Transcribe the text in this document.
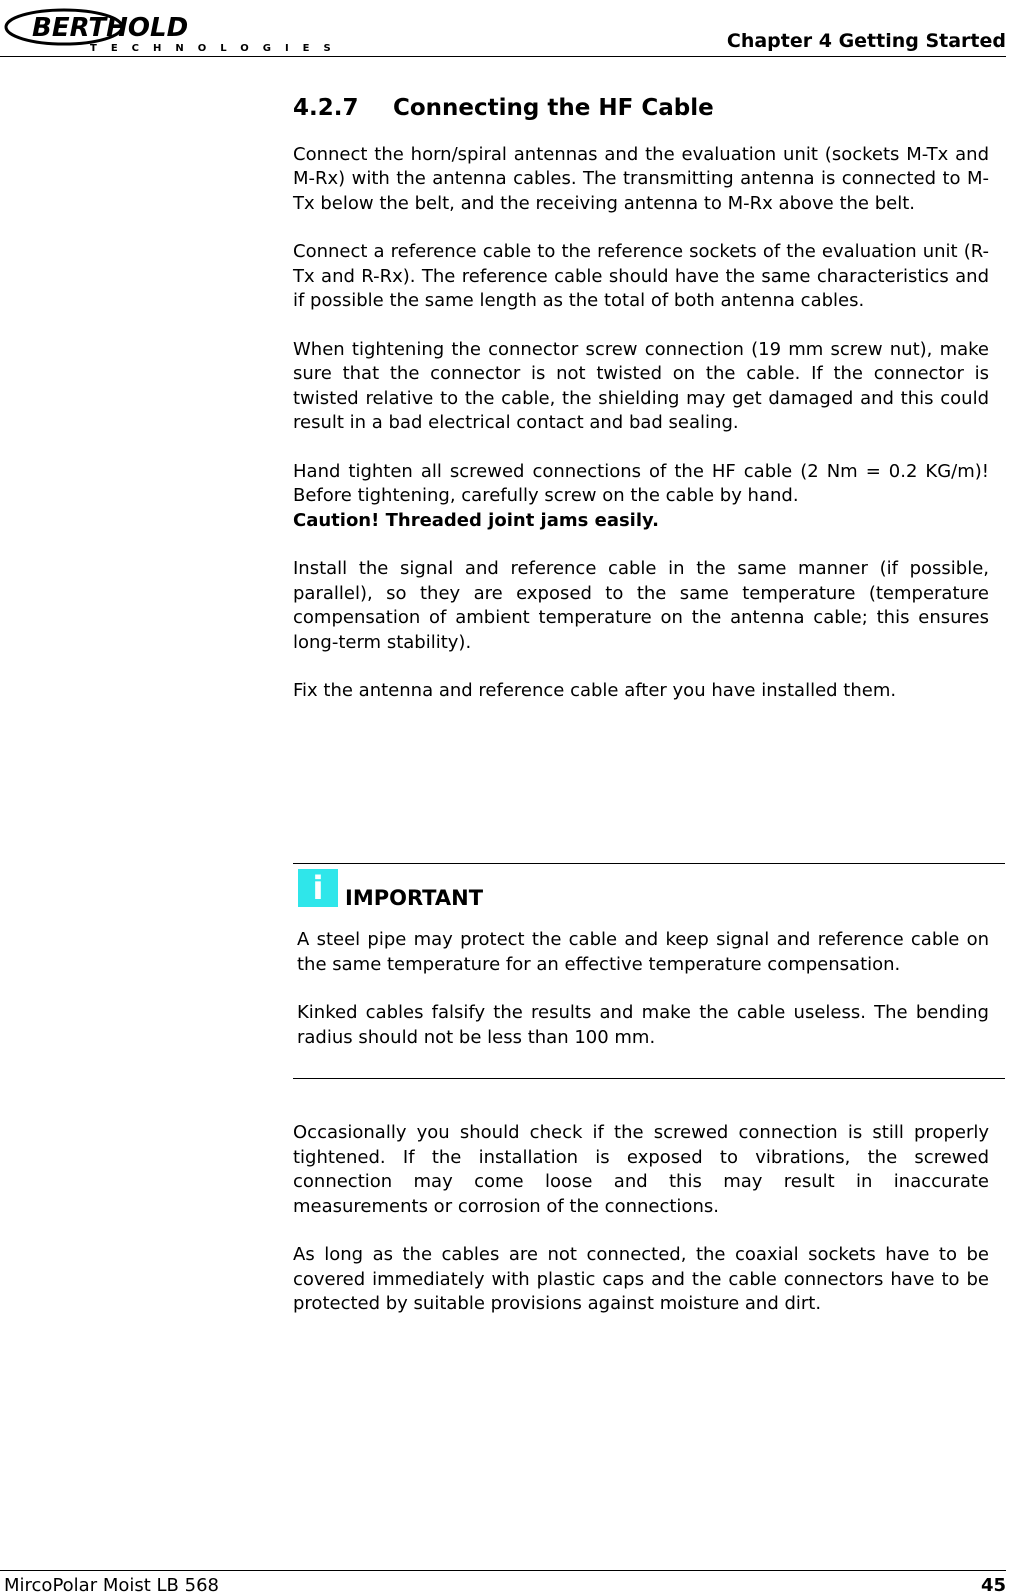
BERTHOLD
TECHNOLOGIES	Chapter 4 Getting Started
4.2.7 Connecting the HF Cable

Connect the horn/spiral antennas and the evaluation unit (sockets M-Tx and M-Rx) with the antenna cables. The transmitting antenna is connected to M-Tx below the belt, and the receiving antenna to M-Rx above the belt.

Connect a reference cable to the reference sockets of the evaluation unit (R-Tx and R-Rx). The reference cable should have the same characteristics and if possible the same length as the total of both antenna cables.

When tightening the connector screw connection (19 mm screw nut), make sure that the connector is not twisted on the cable. If the connector is twisted relative to the cable, the shielding may get damaged and this could result in a bad electrical contact and bad sealing.

Hand tighten all screwed connections of the HF cable (2 Nm = 0.2 KG/m)! Before tightening, carefully screw on the cable by hand.
Caution! Threaded joint jams easily.

Install the signal and reference cable in the same manner (if possible, parallel), so they are exposed to the same temperature (temperature compensation of ambient temperature on the antenna cable; this ensures long-term stability).

Fix the antenna and reference cable after you have installed them.

i	IMPORTANT

A steel pipe may protect the cable and keep signal and reference cable on the same temperature for an effective temperature compensation.

Kinked cables falsify the results and make the cable useless. The bending radius should not be less than 100 mm.

Occasionally you should check if the screwed connection is still properly tightened. If the installation is exposed to vibrations, the screwed connection may come loose and this may result in inaccurate measurements or corrosion of the connections.

As long as the cables are not connected, the coaxial sockets have to be covered immediately with plastic caps and the cable connectors have to be protected by suitable provisions against moisture and dirt.

MircoPolar Moist LB 568	45
